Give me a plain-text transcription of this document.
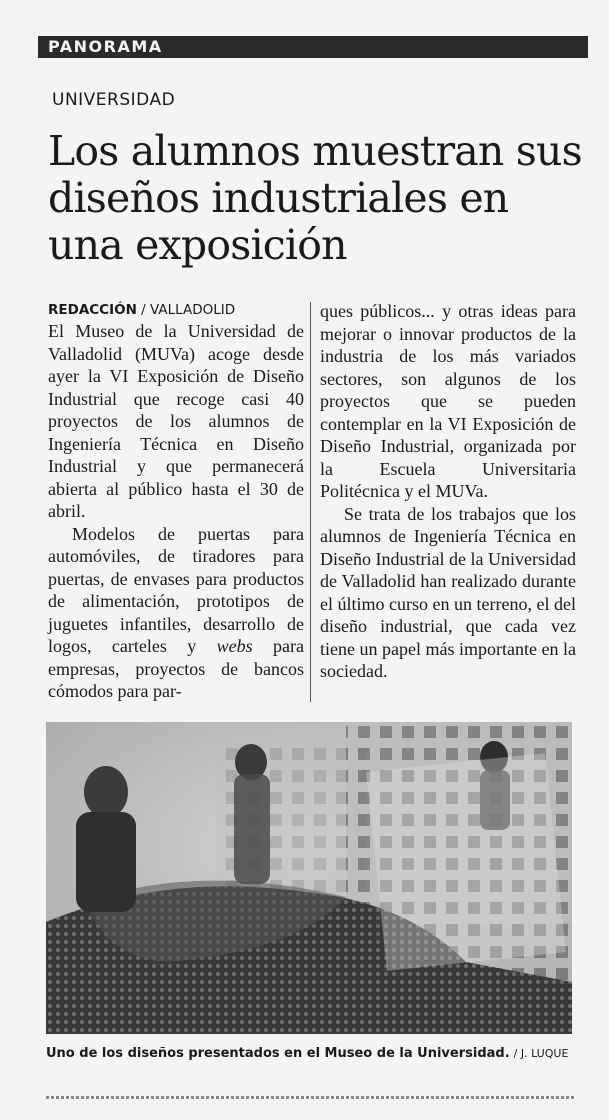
PANORAMA
UNIVERSIDAD
Los alumnos muestran sus diseños industriales en una exposición
REDACCIÓN / VALLADOLID

El Museo de la Universidad de Valladolid (MUVa) acoge desde ayer la VI Exposición de Diseño Industrial que recoge casi 40 proyectos de los alumnos de Ingeniería Técnica en Diseño Industrial y que permanecerá abierta al público hasta el 30 de abril.

Modelos de puertas para automóviles, de tiradores para puertas, de envases para productos de alimentación, prototipos de juguetes infantiles, desarrollo de logos, carteles y webs para empresas, proyectos de bancos cómodos para par-

ques públicos... y otras ideas para mejorar o innovar productos de la industria de los más variados sectores, son algunos de los proyectos que se pueden contemplar en la VI Exposición de Diseño Industrial, organizada por la Escuela Universitaria Politécnica y el MUVa.

Se trata de los trabajos que los alumnos de Ingeniería Técnica en Diseño Industrial de la Universidad de Valladolid han realizado durante el último curso en un terreno, el del diseño industrial, que cada vez tiene un papel más importante en la sociedad.

Uno de los diseños presentados en el Museo de la Universidad. / J. LUQUE
